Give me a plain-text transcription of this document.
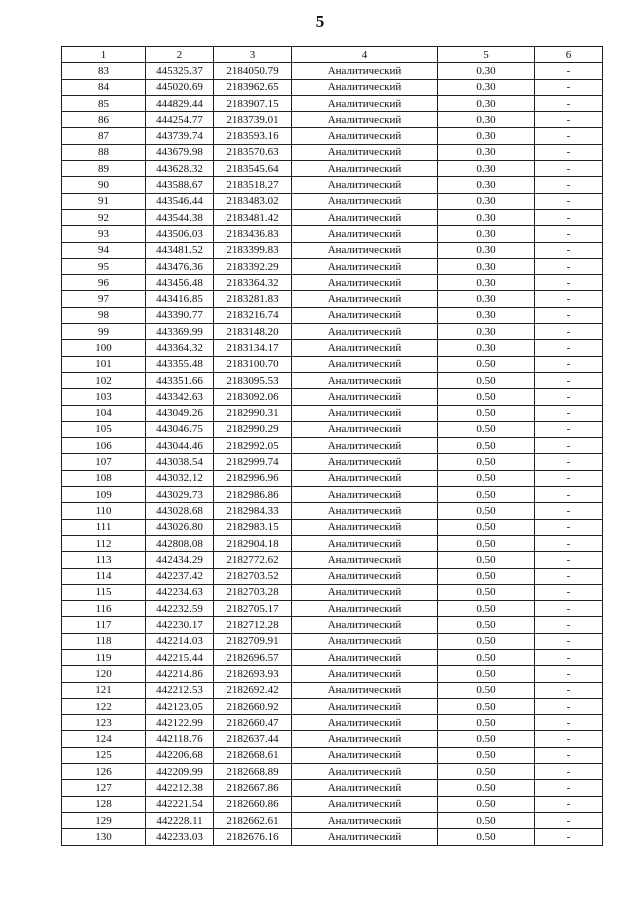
5
1	2	3	4	5	6
83	445325.37	2184050.79	Аналитический	0.30	-
84	445020.69	2183962.65	Аналитический	0.30	-
85	444829.44	2183907.15	Аналитический	0.30	-
86	444254.77	2183739.01	Аналитический	0.30	-
87	443739.74	2183593.16	Аналитический	0.30	-
88	443679.98	2183570.63	Аналитический	0.30	-
89	443628.32	2183545.64	Аналитический	0.30	-
90	443588.67	2183518.27	Аналитический	0.30	-
91	443546.44	2183483.02	Аналитический	0.30	-
92	443544.38	2183481.42	Аналитический	0.30	-
93	443506.03	2183436.83	Аналитический	0.30	-
94	443481.52	2183399.83	Аналитический	0.30	-
95	443476.36	2183392.29	Аналитический	0.30	-
96	443456.48	2183364.32	Аналитический	0.30	-
97	443416.85	2183281.83	Аналитический	0.30	-
98	443390.77	2183216.74	Аналитический	0.30	-
99	443369.99	2183148.20	Аналитический	0.30	-
100	443364.32	2183134.17	Аналитический	0.30	-
101	443355.48	2183100.70	Аналитический	0.50	-
102	443351.66	2183095.53	Аналитический	0.50	-
103	443342.63	2183092.06	Аналитический	0.50	-
104	443049.26	2182990.31	Аналитический	0.50	-
105	443046.75	2182990.29	Аналитический	0.50	-
106	443044.46	2182992.05	Аналитический	0.50	-
107	443038.54	2182999.74	Аналитический	0.50	-
108	443032.12	2182996.96	Аналитический	0.50	-
109	443029.73	2182986.86	Аналитический	0.50	-
110	443028.68	2182984.33	Аналитический	0.50	-
111	443026.80	2182983.15	Аналитический	0.50	-
112	442808.08	2182904.18	Аналитический	0.50	-
113	442434.29	2182772.62	Аналитический	0.50	-
114	442237.42	2182703.52	Аналитический	0.50	-
115	442234.63	2182703.28	Аналитический	0.50	-
116	442232.59	2182705.17	Аналитический	0.50	-
117	442230.17	2182712.28	Аналитический	0.50	-
118	442214.03	2182709.91	Аналитический	0.50	-
119	442215.44	2182696.57	Аналитический	0.50	-
120	442214.86	2182693.93	Аналитический	0.50	-
121	442212.53	2182692.42	Аналитический	0.50	-
122	442123.05	2182660.92	Аналитический	0.50	-
123	442122.99	2182660.47	Аналитический	0.50	-
124	442118.76	2182637.44	Аналитический	0.50	-
125	442206.68	2182668.61	Аналитический	0.50	-
126	442209.99	2182668.89	Аналитический	0.50	-
127	442212.38	2182667.86	Аналитический	0.50	-
128	442221.54	2182660.86	Аналитический	0.50	-
129	442228.11	2182662.61	Аналитический	0.50	-
130	442233.03	2182676.16	Аналитический	0.50	-
